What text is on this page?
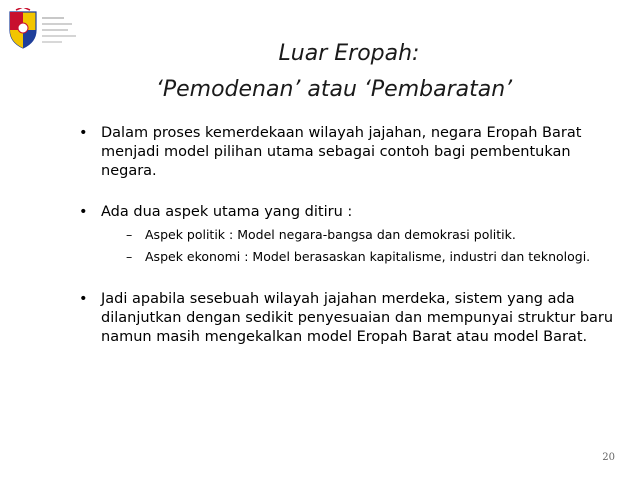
Luar Eropah:
‘Pemodenan’ atau ‘Pembaratan’
• Dalam proses kemerdekaan wilayah jajahan, negara Eropah Barat menjadi model pilihan utama sebagai contoh bagi pembentukan negara.
• Ada dua aspek utama yang ditiru :
– Aspek politik : Model negara-bangsa dan demokrasi politik.
– Aspek ekonomi : Model berasaskan kapitalisme, industri dan teknologi.
• Jadi apabila sesebuah wilayah jajahan merdeka, sistem yang ada dilanjutkan dengan sedikit penyesuaian dan mempunyai struktur baru namun masih mengekalkan model Eropah Barat atau model Barat.
20
